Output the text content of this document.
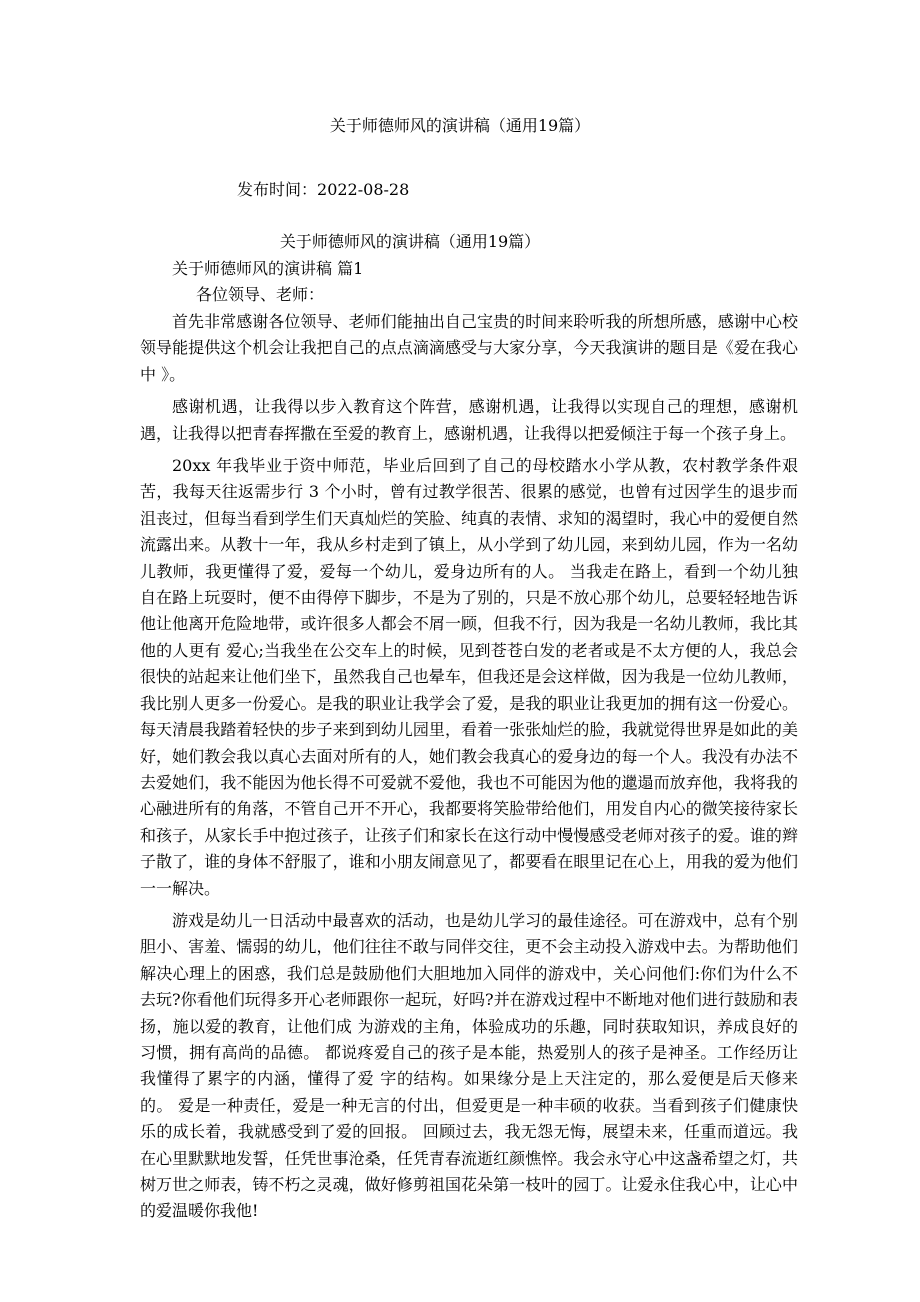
关于师德师风的演讲稿（通用19篇）
发布时间：2022-08-28
关于师德师风的演讲稿（通用19篇）
关于师德师风的演讲稿 篇1
各位领导、老师：

首先非常感谢各位领导、老师们能抽出自己宝贵的时间来聆听我的所想所感，感谢中心校领导能提供这个机会让我把自己的点点滴滴感受与大家分享，今天我演讲的题目是《爱在我心中 》。

感谢机遇，让我得以步入教育这个阵营，感谢机遇，让我得以实现自己的理想，感谢机遇，让我得以把青春挥撒在至爱的教育上，感谢机遇，让我得以把爱倾注于每一个孩子身上。

20xx 年我毕业于资中师范，毕业后回到了自己的母校踏水小学从教，农村教学条件艰苦，我每天往返需步行 3 个小时，曾有过教学很苦、很累的感觉，也曾有过因学生的退步而沮丧过，但每当看到学生们天真灿烂的笑脸、纯真的表情、求知的渴望时，我心中的爱便自然流露出来。从教十一年，我从乡村走到了镇上，从小学到了幼儿园，来到幼儿园，作为一名幼儿教师，我更懂得了爱，爱每一个幼儿，爱身边所有的人。 当我走在路上，看到一个幼儿独自在路上玩耍时，便不由得停下脚步，不是为了别的，只是不放心那个幼儿，总要轻轻地告诉他让他离开危险地带，或许很多人都会不屑一顾，但我不行，因为我是一名幼儿教师，我比其他的人更有 爱心;当我坐在公交车上的时候，见到苍苍白发的老者或是不太方便的人，我总会很快的站起来让他们坐下，虽然我自己也晕车，但我还是会这样做，因为我是一位幼儿教师，我比别人更多一份爱心。是我的职业让我学会了爱，是我的职业让我更加的拥有这一份爱心。 每天清晨我踏着轻快的步子来到到幼儿园里，看着一张张灿烂的脸，我就觉得世界是如此的美好，她们教会我以真心去面对所有的人，她们教会我真心的爱身边的每一个人。我没有办法不去爱她们，我不能因为他长得不可爱就不爱他，我也不可能因为他的邋遢而放弃他，我将我的心融进所有的角落，不管自己开不开心，我都要将笑脸带给他们，用发自内心的微笑接待家长和孩子，从家长手中抱过孩子，让孩子们和家长在这行动中慢慢感受老师对孩子的爱。谁的辫子散了，谁的身体不舒服了，谁和小朋友闹意见了，都要看在眼里记在心上，用我的爱为他们一一解决。

游戏是幼儿一日活动中最喜欢的活动，也是幼儿学习的最佳途径。可在游戏中，总有个别胆小、害羞、懦弱的幼儿，他们往往不敢与同伴交往，更不会主动投入游戏中去。为帮助他们解决心理上的困惑，我们总是鼓励他们大胆地加入同伴的游戏中，关心问他们:你们为什么不去玩?你看他们玩得多开心老师跟你一起玩，好吗?并在游戏过程中不断地对他们进行鼓励和表扬，施以爱的教育，让他们成 为游戏的主角，体验成功的乐趣，同时获取知识，养成良好的习惯，拥有高尚的品德。 都说疼爱自己的孩子是本能，热爱别人的孩子是神圣。工作经历让我懂得了累字的内涵，懂得了爱 字的结构。如果缘分是上天注定的，那么爱便是后天修来的。 爱是一种责任，爱是一种无言的付出，但爱更是一种丰硕的收获。当看到孩子们健康快乐的成长着，我就感受到了爱的回报。 回顾过去，我无怨无悔，展望未来，任重而道远。我在心里默默地发誓，任凭世事沧桑，任凭青春流逝红颜憔悴。我会永守心中这盏希望之灯，共树万世之师表，铸不朽之灵魂，做好修剪祖国花朵第一枝叶的园丁。让爱永住我心中，让心中的爱温暖你我他!
